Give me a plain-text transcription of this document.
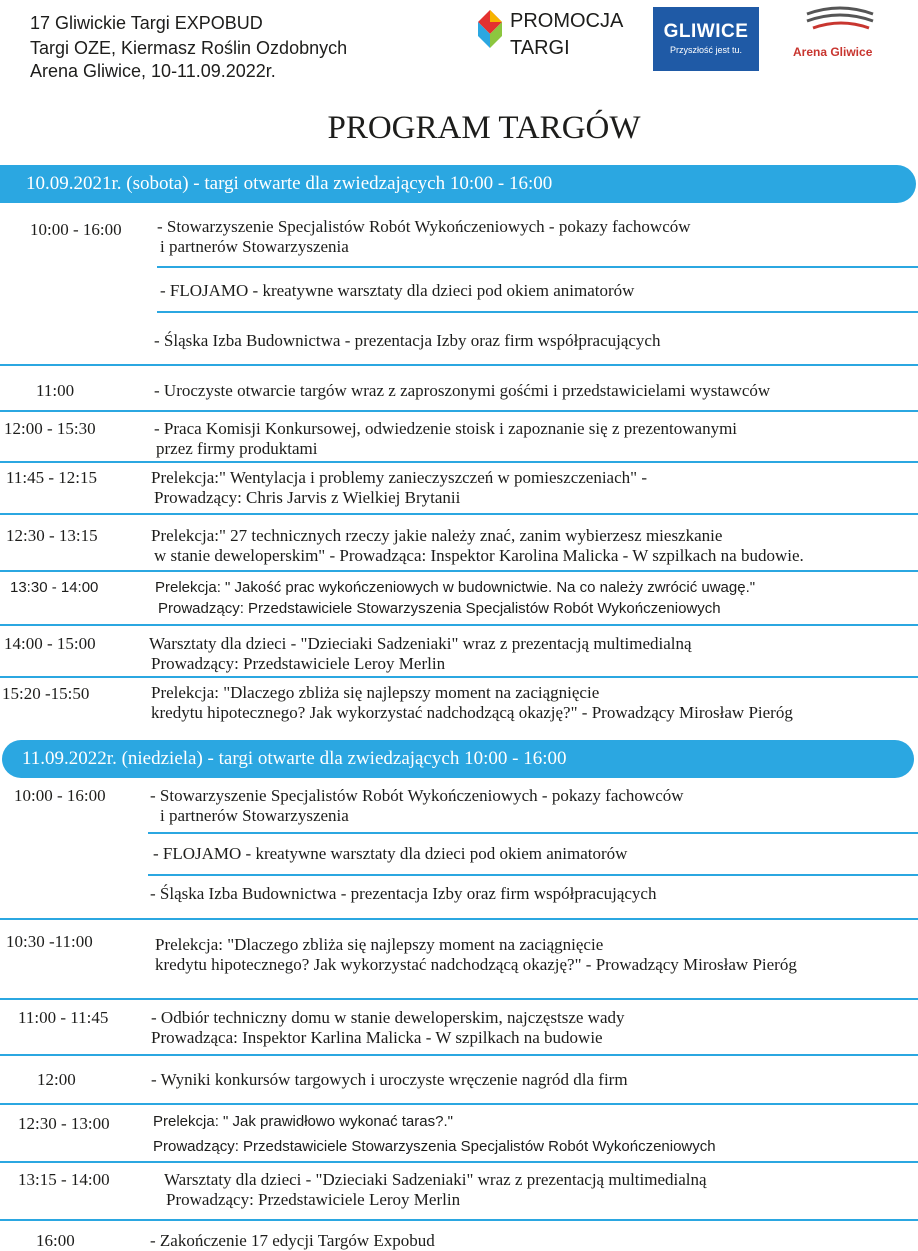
17 Gliwickie Targi EXPOBUD
Targi OZE, Kiermasz Roślin Ozdobnych
Arena Gliwice, 10-11.09.2022r.
PROMOCJA
TARGI
GLIWICE
Przyszłość jest tu.	Arena Gliwice
PROGRAM TARGÓW
10.09.2021r. (sobota) - targi otwarte dla zwiedzających 10:00 - 16:00
10:00 - 16:00 - Stowarzyszenie Specjalistów Robót Wykończeniowych - pokazy fachowców
i partnerów Stowarzyszenia
- FLOJAMO - kreatywne warsztaty dla dzieci pod okiem animatorów
- Śląska Izba Budownictwa - prezentacja Izby oraz firm współpracujących
11:00	- Uroczyste otwarcie targów wraz z zaproszonymi gośćmi i przedstawicielami wystawców
12:00 - 15:30	- Praca Komisji Konkursowej, odwiedzenie stoisk i zapoznanie się z prezentowanymi
przez firmy produktami
11:45 - 12:15	Prelekcja:" Wentylacja i problemy zanieczyszczeń w pomieszczeniach" -
Prowadzący: Chris Jarvis z Wielkiej Brytanii
12:30 - 13:15	Prelekcja:" 27 technicznych rzeczy jakie należy znać, zanim wybierzesz mieszkanie
w stanie deweloperskim" - Prowadząca: Inspektor Karolina Malicka - W szpilkach na budowie.
13:30 - 14:00	Prelekcja: " Jakość prac wykończeniowych w budownictwie. Na co należy zwrócić uwagę."
Prowadzący: Przedstawiciele Stowarzyszenia Specjalistów Robót Wykończeniowych
14:00 - 15:00	Warsztaty dla dzieci - "Dzieciaki Sadzeniaki" wraz z prezentacją multimedialną
Prowadzący: Przedstawiciele Leroy Merlin
15:20 -15:50	Prelekcja: "Dlaczego zbliża się najlepszy moment na zaciągnięcie
kredytu hipotecznego? Jak wykorzystać nadchodzącą okazję?" - Prowadzący Mirosław Pieróg
11.09.2022r. (niedziela) - targi otwarte dla zwiedzających 10:00 - 16:00
10:00 - 16:00	- Stowarzyszenie Specjalistów Robót Wykończeniowych - pokazy fachowców
i partnerów Stowarzyszenia
- FLOJAMO - kreatywne warsztaty dla dzieci pod okiem animatorów
- Śląska Izba Budownictwa - prezentacja Izby oraz firm współpracujących
10:30 -11:00	Prelekcja: "Dlaczego zbliża się najlepszy moment na zaciągnięcie
kredytu hipotecznego? Jak wykorzystać nadchodzącą okazję?" - Prowadzący Mirosław Pieróg
11:00 - 11:45	- Odbiór techniczny domu w stanie deweloperskim, najczęstsze wady
Prowadząca: Inspektor Karlina Malicka - W szpilkach na budowie
12:00	- Wyniki konkursów targowych i uroczyste wręczenie nagród dla firm
12:30 - 13:00	Prelekcja: " Jak prawidłowo wykonać taras?."
Prowadzący: Przedstawiciele Stowarzyszenia Specjalistów Robót Wykończeniowych
13:15 - 14:00	Warsztaty dla dzieci - "Dzieciaki Sadzeniaki" wraz z prezentacją multimedialną
Prowadzący: Przedstawiciele Leroy Merlin
16:00	- Zakończenie 17 edycji Targów Expobud
